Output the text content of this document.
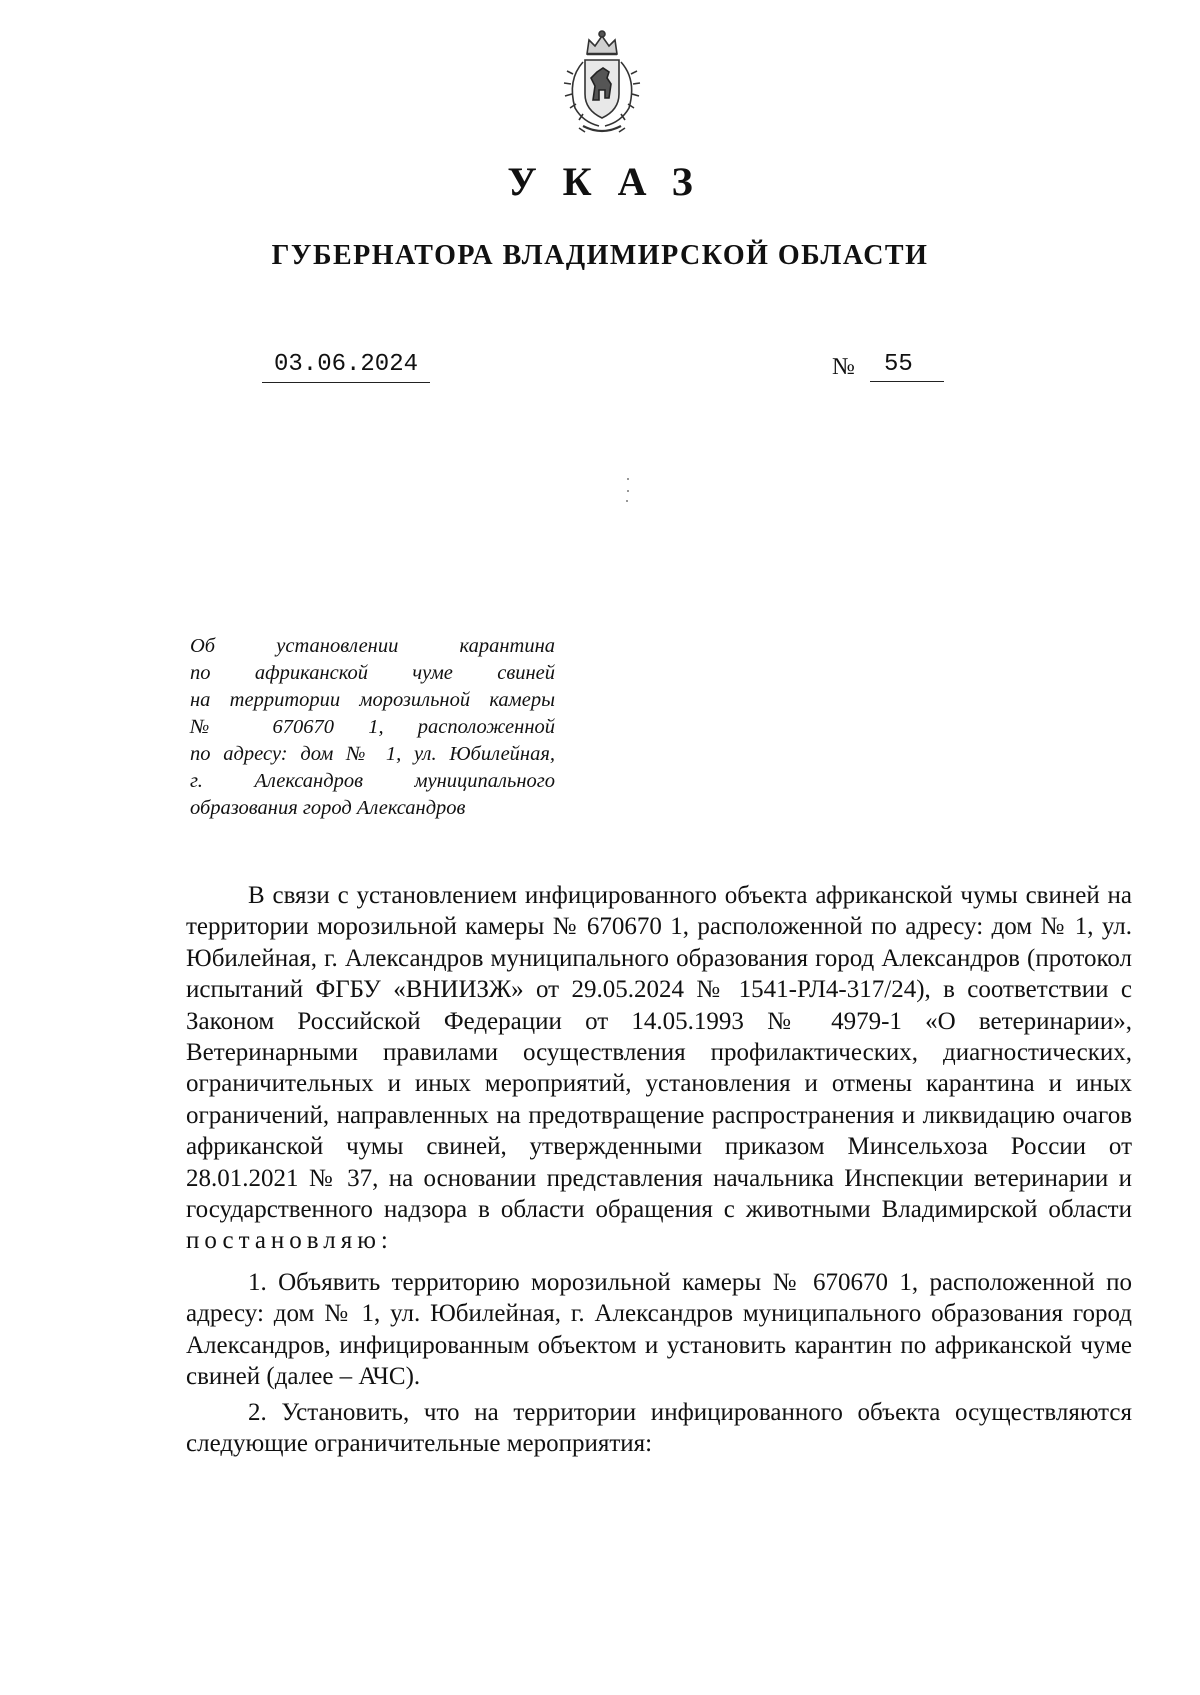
УКАЗ
ГУБЕРНАТОРА ВЛАДИМИРСКОЙ ОБЛАСТИ
03.06.2024	№	55
Об установлении карантина
по африканской чуме свиней
на территории морозильной камеры
№ 670670 1, расположенной
по адресу: дом № 1, ул. Юбилейная,
г. Александров муниципального
образования город Александров

В связи с установлением инфицированного объекта африканской чумы свиней на территории морозильной камеры № 670670 1, расположенной по адресу: дом № 1, ул. Юбилейная, г. Александров муниципального образования город Александров (протокол испытаний ФГБУ «ВНИИЗЖ» от 29.05.2024 № 1541-РЛ4-317/24), в соответствии с Законом Российской Федерации от 14.05.1993 № 4979-1 «О ветеринарии», Ветеринарными правилами осуществления профилактических, диагностических, ограничительных и иных мероприятий, установления и отмены карантина и иных ограничений, направленных на предотвращение распространения и ликвидацию очагов африканской чумы свиней, утвержденными приказом Минсельхоза России от 28.01.2021 № 37, на основании представления начальника Инспекции ветеринарии и государственного надзора в области обращения с животными Владимирской области постановляю:

1. Объявить территорию морозильной камеры № 670670 1, расположенной по адресу: дом № 1, ул. Юбилейная, г. Александров муниципального образования город Александров, инфицированным объектом и установить карантин по африканской чуме свиней (далее – АЧС).

2. Установить, что на территории инфицированного объекта осуществляются следующие ограничительные мероприятия:
